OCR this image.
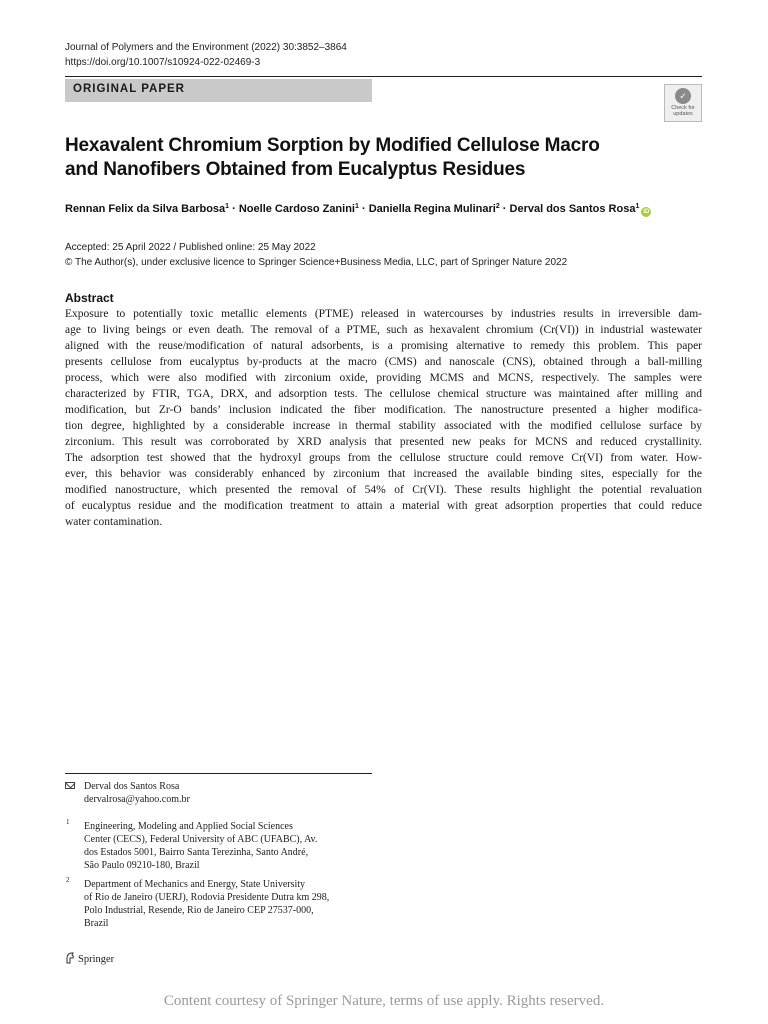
Journal of Polymers and the Environment (2022) 30:3852–3864
https://doi.org/10.1007/s10924-022-02469-3
ORIGINAL PAPER
✓
Check for updates
Hexavalent Chromium Sorption by Modified Cellulose Macro
and Nanofibers Obtained from Eucalyptus Residues
Rennan Felix da Silva Barbosa$^1$ · Noelle Cardoso Zanini$^1$ · Daniella Regina Mulinari$^2$ · Derval dos Santos Rosa$^1$iD
Accepted: 25 April 2022 / Published online: 25 May 2022
© The Author(s), under exclusive licence to Springer Science+Business Media, LLC, part of Springer Nature 2022
Abstract
Exposure to potentially toxic metallic elements (PTME) released in watercourses by industries results in irreversible dam-
age to living beings or even death. The removal of a PTME, such as hexavalent chromium (Cr(VI)) in industrial wastewater
aligned with the reuse/modification of natural adsorbents, is a promising alternative to remedy this problem. This paper
presents cellulose from eucalyptus by-products at the macro (CMS) and nanoscale (CNS), obtained through a ball-milling
process, which were also modified with zirconium oxide, providing MCMS and MCNS, respectively. The samples were
characterized by FTIR, TGA, DRX, and adsorption tests. The cellulose chemical structure was maintained after milling and
modification, but Zr-O bands’ inclusion indicated the fiber modification. The nanostructure presented a higher modifica-
tion degree, highlighted by a considerable increase in thermal stability associated with the modified cellulose surface by
zirconium. This result was corroborated by XRD analysis that presented new peaks for MCNS and reduced crystallinity.
The adsorption test showed that the hydroxyl groups from the cellulose structure could remove Cr(VI) from water. How-
ever, this behavior was considerably enhanced by zirconium that increased the available binding sites, especially for the
modified nanostructure, which presented the removal of 54% of Cr(VI). These results highlight the potential revaluation
of eucalyptus residue and the modification treatment to attain a material with great adsorption properties that could reduce
water contamination.
Derval dos Santos Rosa
dervalrosa@yahoo.com.br
1 Engineering, Modeling and Applied Social Sciences
Center (CECS), Federal University of ABC (UFABC), Av.
dos Estados 5001, Bairro Santa Terezinha, Santo André,
São Paulo 09210-180, Brazil
2 Department of Mechanics and Energy, State University
of Rio de Janeiro (UERJ), Rodovia Presidente Dutra km 298,
Polo Industrial, Resende, Rio de Janeiro CEP 27537-000,
Brazil
Springer
Content courtesy of Springer Nature, terms of use apply. Rights reserved.
